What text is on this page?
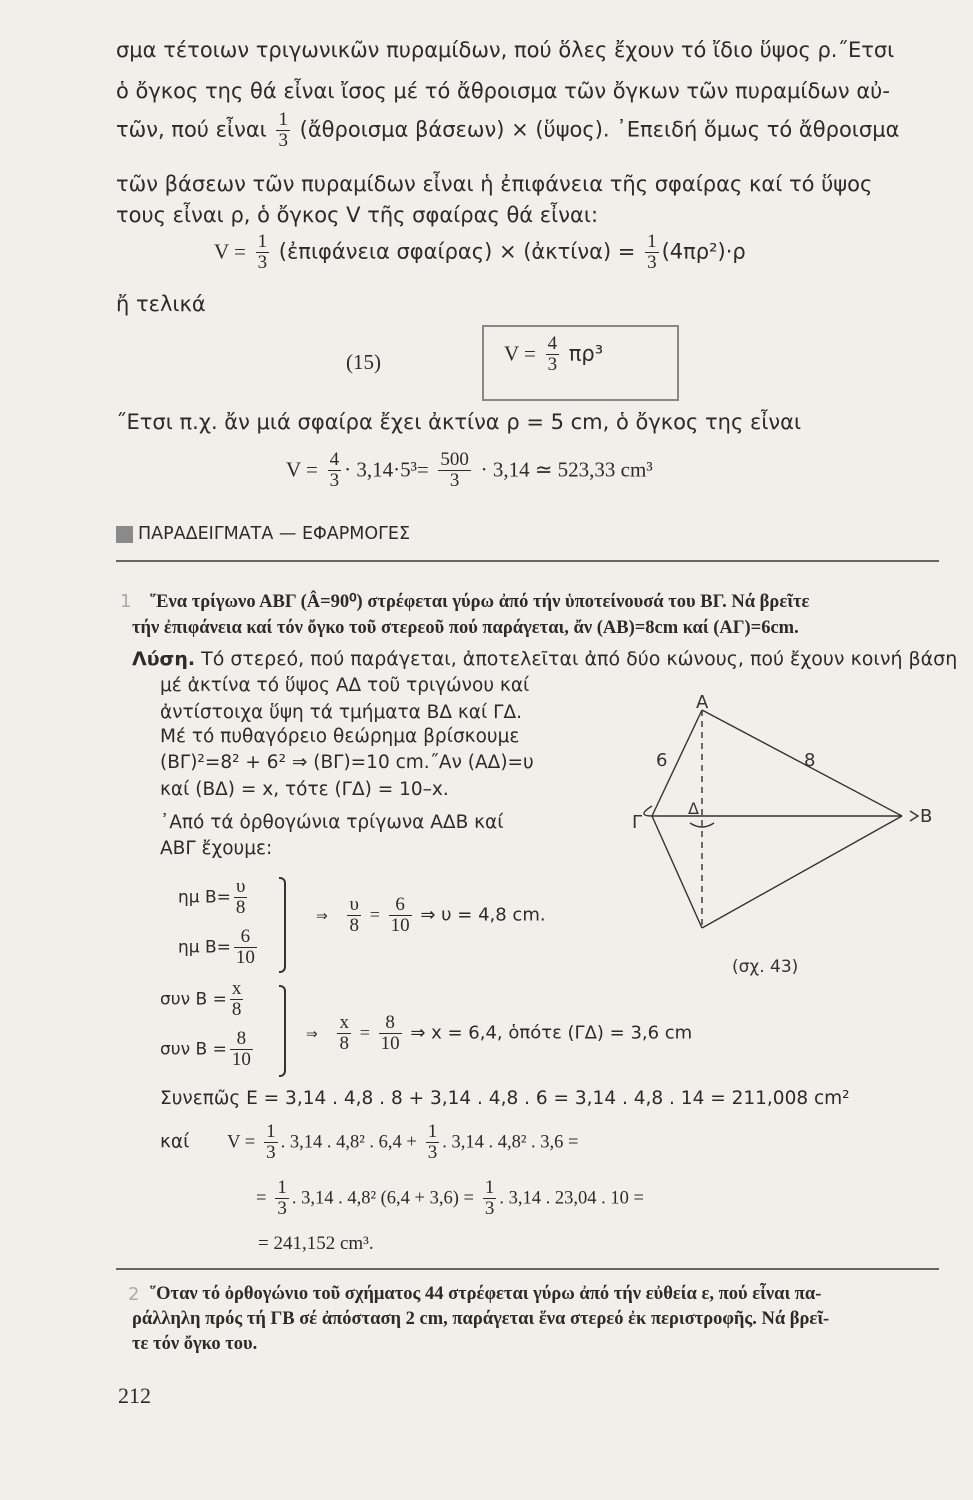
σμα τέτοιων τριγωνικῶν πυραμίδων, πού ὅλες ἔχουν τό ἴδιο ὕψος ρ.˝Ετσι
ὁ ὄγκος της θά εἶναι ἴσος μέ τό ἄθροισμα τῶν ὄγκων τῶν πυραμίδων αὐ-
τῶν, πού εἶναι $\frac{1}{3}$ (ἄθροισμα βάσεων) × (ὕψος). ᾿Επειδή ὅμως τό ἄθροισμα
τῶν βάσεων τῶν πυραμίδων εἶναι ἡ ἐπιφάνεια τῆς σφαίρας καί τό ὕψος
τους εἶναι ρ, ὁ ὄγκος V τῆς σφαίρας θά εἶναι:
$V = \frac{1}{3}$ (ἐπιφάνεια σφαίρας) × (ἀκτίνα) = $\frac{1}{3} (4\pi\rho^2)\cdot\rho$
ἤ τελικά
(15)	$V = \frac{4}{3} \pi\rho^3$
˝Ετσι π.χ. ἄν μιά σφαίρα ἔχει ἀκτίνα ρ = 5 cm, ὁ ὄγκος της εἶναι
$V = \frac{4}{3} \cdot 3,14\cdot 5^3= \frac{500}{3} \cdot 3,14$ ≃ 523,33 cm³
ΠΑΡΑΔΕΙΓΜΑΤΑ — ΕΦΑΡΜΟΓΕΣ
1 ῞Ενα τρίγωνο ΑΒΓ (Â=90⁰) στρέφεται γύρω ἀπό τήν ὑποτείνουσά του ΒΓ. Νά βρεῖτε
τήν ἐπιφάνεια καί τόν ὄγκο τοῦ στερεοῦ πού παράγεται, ἄν (ΑΒ)=8cm καί (ΑΓ)=6cm.
Λύση. Τό στερεό, πού παράγεται, ἀποτελεῖται ἀπό δύο κώνους, πού ἔχουν κοινή βάση
μέ ἀκτίνα τό ὕψος ΑΔ τοῦ τριγώνου καί
ἀντίστοιχα ὕψη τά τμήματα ΒΔ καί ΓΔ.
Μέ τό πυθαγόρειο θεώρημα βρίσκουμε
(ΒΓ)²=8² + 6² ⇒ (ΒΓ)=10 cm.˝Αν (ΑΔ)=υ
καί (ΒΔ) = x, τότε (ΓΔ) = 10–x.
᾿Από τά ὀρθογώνια τρίγωνα ΑΔΒ καί
ΑΒΓ ἔχουμε:
ημ $B= \frac{\upsilon}{8}$
ημ $B= \frac{6}{10}$
⇒ $\frac{\upsilon}{8} = \frac{6}{10}$ ⇒ υ = 4,8 cm.
συν $B = \frac{x}{8}$
συν $B = \frac{8}{10}$	⇒ $\frac{x}{8} = \frac{8}{10}$ ⇒ x = 6,4, ὁπότε (ΓΔ) = 3,6 cm
Α
Β
Γ
Δ
6	8
(σχ. 43)
Συνεπῶς E = 3,14 . 4,8 . 8 + 3,14 . 4,8 . 6 = 3,14 . 4,8 . 14 = 211,008 cm²
καί $V = \frac{1}{3}$ . 3,14 . 4,8² . $6,4 + \frac{1}{3}$ . 3,14 . 4,8² . 3,6 =
= $\frac{1}{3}$ . 3,14 . 4,8² $(6,4 + 3,6) = \frac{1}{3}$ . 3,14 . 23,04 . 10 =
= 241,152 cm³.
2 ῞Οταν τό ὀρθογώνιο τοῦ σχήματος 44 στρέφεται γύρω ἀπό τήν εὐθεία ε, πού εἶναι πα-
ράλληλη πρός τή ΓΒ σέ ἀπόσταση 2 cm, παράγεται ἕνα στερεό ἐκ περιστροφῆς. Νά βρεῖ-
τε τόν ὄγκο του.
212
